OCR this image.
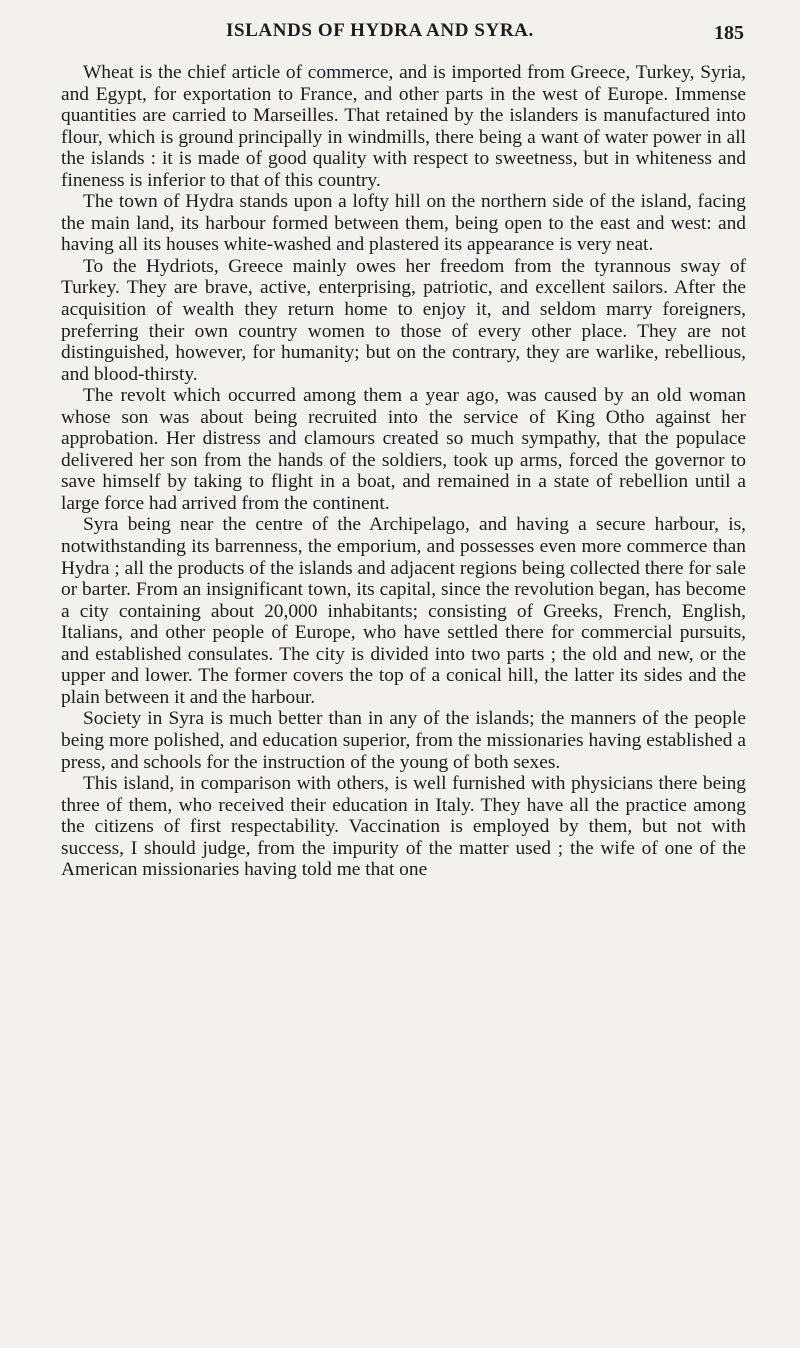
ISLANDS OF HYDRA AND SYRA.	185

Wheat is the chief article of commerce, and is imported from Greece, Turkey, Syria, and Egypt, for exportation to France, and other parts in the west of Europe. Immense quantities are carried to Marseilles. That retained by the islanders is manufactured into flour, which is ground principally in windmills, there being a want of water power in all the islands : it is made of good quality with respect to sweetness, but in whiteness and fineness is inferior to that of this country.

The town of Hydra stands upon a lofty hill on the northern side of the island, facing the main land, its harbour formed between them, being open to the east and west: and having all its houses white-washed and plastered its appearance is very neat.

To the Hydriots, Greece mainly owes her freedom from the tyrannous sway of Turkey. They are brave, active, enterprising, patriotic, and excellent sailors. After the acquisition of wealth they return home to enjoy it, and seldom marry foreigners, preferring their own country women to those of every other place. They are not distinguished, however, for humanity; but on the contrary, they are warlike, rebellious, and blood-thirsty.

The revolt which occurred among them a year ago, was caused by an old woman whose son was about being recruited into the service of King Otho against her approbation. Her distress and clamours created so much sympathy, that the populace delivered her son from the hands of the soldiers, took up arms, forced the governor to save himself by taking to flight in a boat, and remained in a state of rebellion until a large force had arrived from the continent.

Syra being near the centre of the Archipelago, and having a secure harbour, is, notwithstanding its barrenness, the emporium, and possesses even more commerce than Hydra ; all the products of the islands and adjacent regions being collected there for sale or barter. From an insignificant town, its capital, since the revolution began, has become a city containing about 20,000 inhabitants; consisting of Greeks, French, English, Italians, and other people of Europe, who have settled there for commercial pursuits, and established consulates. The city is divided into two parts ; the old and new, or the upper and lower. The former covers the top of a conical hill, the latter its sides and the plain between it and the harbour.

Society in Syra is much better than in any of the islands; the manners of the people being more polished, and education superior, from the missionaries having established a press, and schools for the instruction of the young of both sexes.

This island, in comparison with others, is well furnished with physicians there being three of them, who received their education in Italy. They have all the practice among the citizens of first respectability. Vaccination is employed by them, but not with success, I should judge, from the impurity of the matter used ; the wife of one of the American missionaries having told me that one
